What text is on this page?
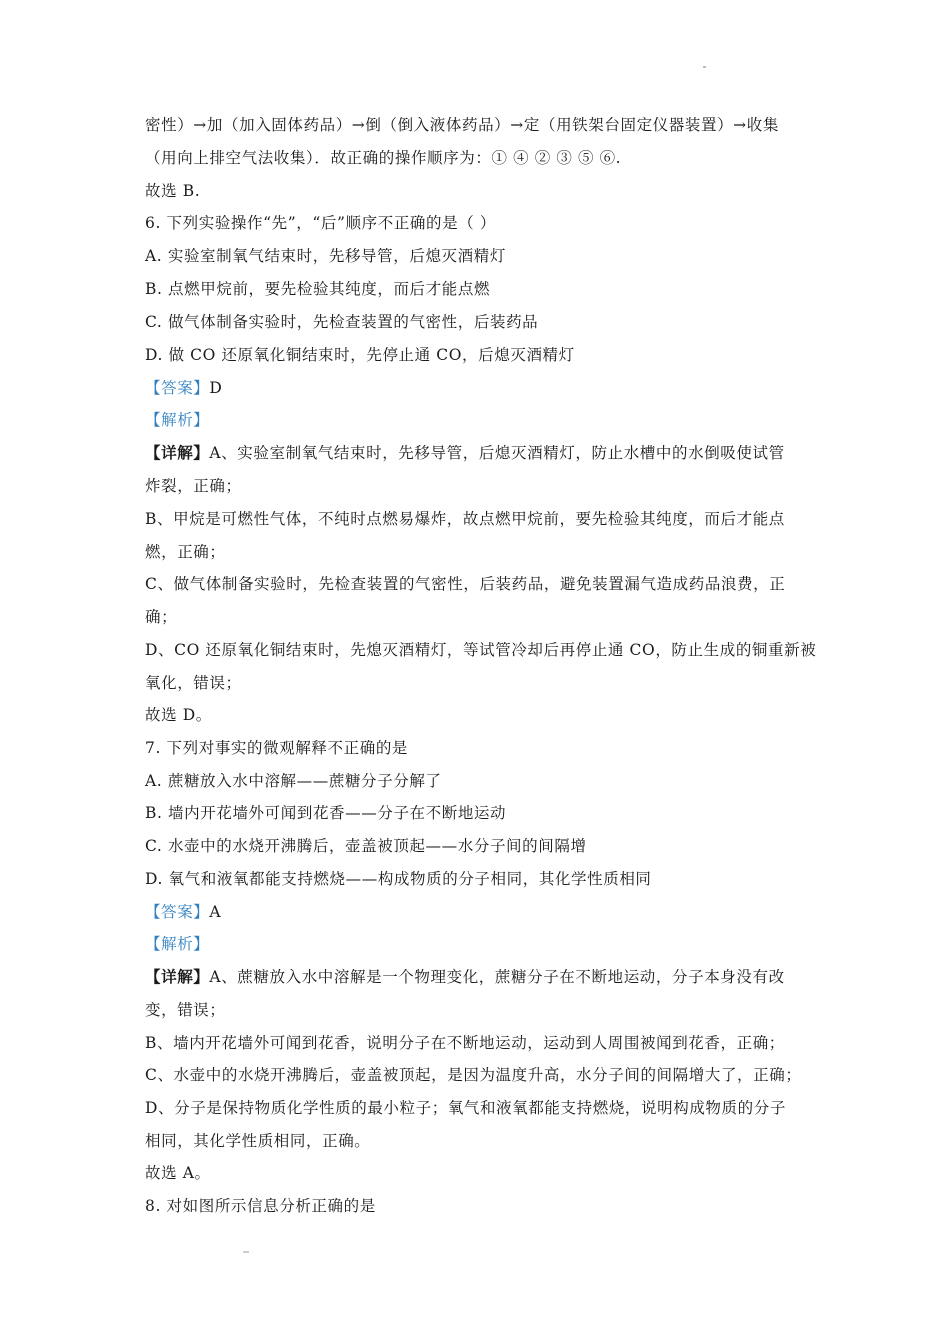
密性）→加（加入固体药品）→倒（倒入液体药品）→定（用铁架台固定仪器装置）→收集
（用向上排空气法收集）．故正确的操作顺序为：① ④ ② ③ ⑤ ⑥.
故选 B.
6. 下列实验操作“先”，“后”顺序不正确的是（ ）
A. 实验室制氧气结束时，先移导管，后熄灭酒精灯
B. 点燃甲烷前，要先检验其纯度，而后才能点燃
C. 做气体制备实验时，先检查装置的气密性，后装药品
D. 做 CO 还原氧化铜结束时，先停止通 CO，后熄灭酒精灯
【答案】D
【解析】
【详解】A、实验室制氧气结束时，先移导管，后熄灭酒精灯，防止水槽中的水倒吸使试管
炸裂，正确；
B、甲烷是可燃性气体，不纯时点燃易爆炸，故点燃甲烷前，要先检验其纯度，而后才能点
燃，正确；
C、做气体制备实验时，先检查装置的气密性，后装药品，避免装置漏气造成药品浪费，正
确；
D、CO 还原氧化铜结束时，先熄灭酒精灯，等试管冷却后再停止通 CO，防止生成的铜重新被
氧化，错误；
故选 D。
7. 下列对事实的微观解释不正确的是
A. 蔗糖放入水中溶解——蔗糖分子分解了
B. 墙内开花墙外可闻到花香——分子在不断地运动
C. 水壶中的水烧开沸腾后，壶盖被顶起——水分子间的间隔增
D. 氧气和液氧都能支持燃烧——构成物质的分子相同，其化学性质相同
【答案】A
【解析】
【详解】A、蔗糖放入水中溶解是一个物理变化，蔗糖分子在不断地运动，分子本身没有改
变，错误；
B、墙内开花墙外可闻到花香，说明分子在不断地运动，运动到人周围被闻到花香，正确；
C、水壶中的水烧开沸腾后，壶盖被顶起，是因为温度升高，水分子间的间隔增大了，正确；
D、分子是保持物质化学性质的最小粒子；氧气和液氧都能支持燃烧，说明构成物质的分子
相同，其化学性质相同，正确。
故选 A。
8. 对如图所示信息分析正确的是
